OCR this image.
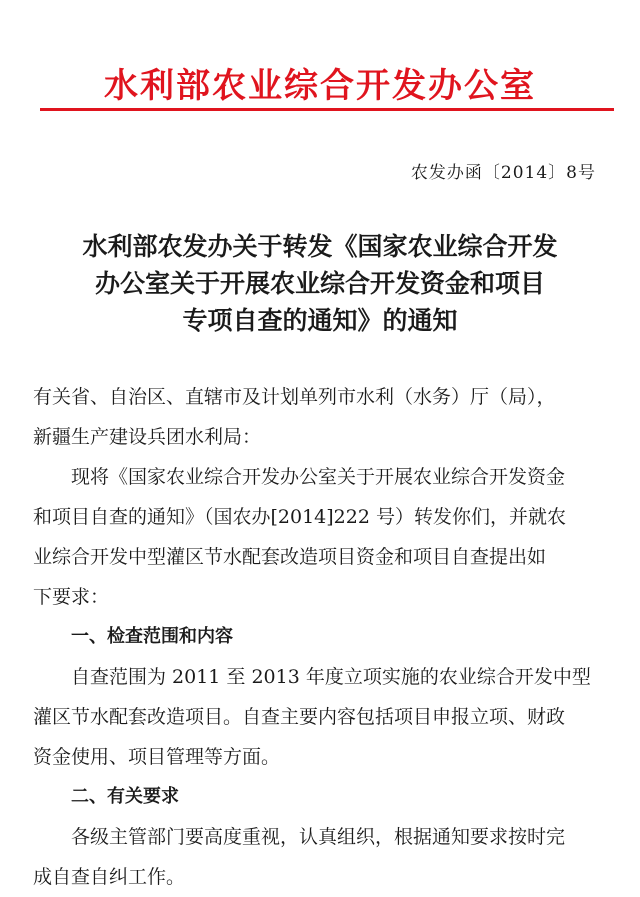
水利部农业综合开发办公室
农发办函〔2014〕8号
水利部农发办关于转发《国家农业综合开发
办公室关于开展农业综合开发资金和项目
专项自查的通知》的通知
有关省、自治区、直辖市及计划单列市水利（水务）厅（局），
新疆生产建设兵团水利局：
现将《国家农业综合开发办公室关于开展农业综合开发资金
和项目自查的通知》（国农办[2014]222 号）转发你们，并就农
业综合开发中型灌区节水配套改造项目资金和项目自查提出如
下要求：
一、检查范围和内容
自查范围为 2011 至 2013 年度立项实施的农业综合开发中型
灌区节水配套改造项目。自查主要内容包括项目申报立项、财政
资金使用、项目管理等方面。
二、有关要求
各级主管部门要高度重视，认真组织，根据通知要求按时完
成自查自纠工作。
